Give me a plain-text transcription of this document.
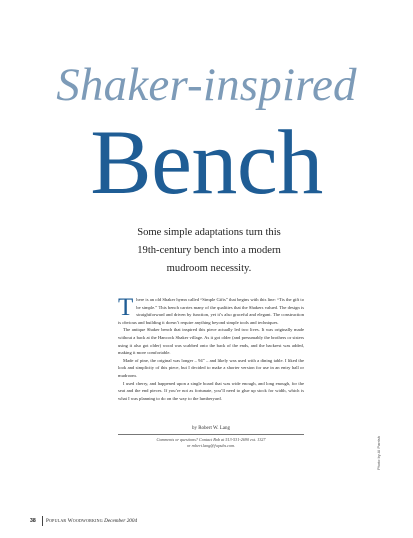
Shaker-inspired
Bench
Some simple adaptations turn this
19th-century bench into a modern
mudroom necessity.

There is an old Shaker hymn called “Simple Gifts” that begins with this line: “Tis the gift to be simple.” This bench carries many of the qualities that the Shakers valued. The design is straightforward and driven by function, yet it’s also graceful and elegant. The construction is obvious and building it doesn’t require anything beyond simple tools and techniques.

The antique Shaker bench that inspired this piece actually led two lives. It was originally made without a back at the Hancock Shaker village. As it got older (and presumably the brothers or sisters using it also got older) wood was scabbed onto the back of the ends, and the backrest was added, making it more comfortable.

Made of pine, the original was longer – 94" – and likely was used with a dining table. I liked the look and simplicity of this piece, but I decided to make a shorter version for use in an entry hall or mudroom.

I used cherry, and happened upon a single board that was wide enough, and long enough, for the seat and the end pieces. If you’re not as fortunate, you’ll need to glue up stock for width, which is what I was planning to do on the way to the lumberyard.

by Robert W. Lang
Comments or questions? Contact Bob at 513-531-2690 ext. 1327
or robert.lang@fwpubs.com.	Photo by Al Parrish
38 Popular Woodworking December 2004
